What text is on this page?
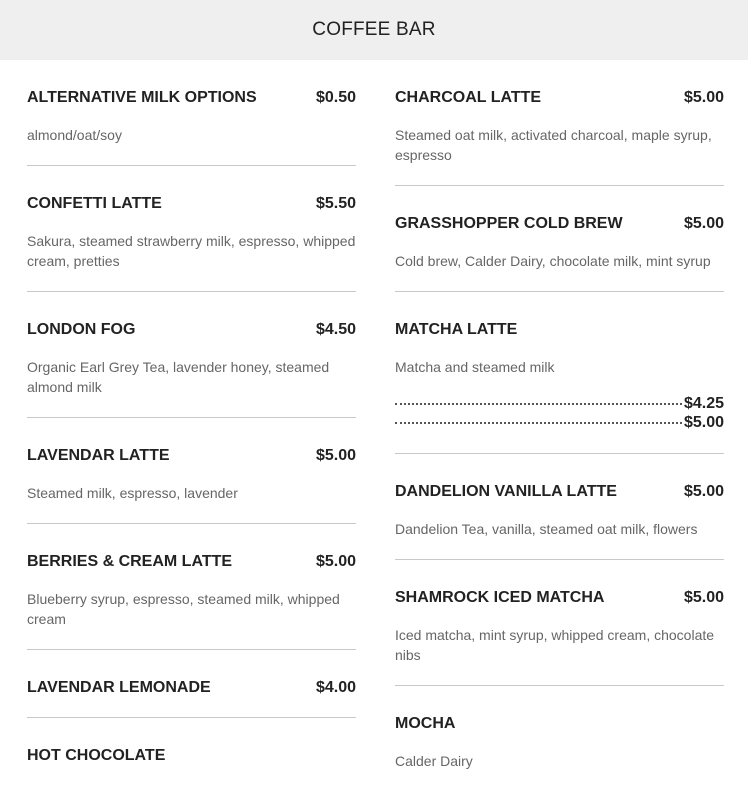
COFFEE BAR
ALTERNATIVE MILK OPTIONS	$0.50
almond/oat/soy
CONFETTI LATTE	$5.50
Sakura, steamed strawberry milk, espresso, whipped cream, pretties
LONDON FOG	$4.50
Organic Earl Grey Tea, lavender honey, steamed almond milk
LAVENDAR LATTE	$5.00
Steamed milk, espresso, lavender
BERRIES & CREAM LATTE	$5.00
Blueberry syrup, espresso, steamed milk, whipped cream
LAVENDAR LEMONADE	$4.00
HOT CHOCOLATE
CHARCOAL LATTE	$5.00
Steamed oat milk, activated charcoal, maple syrup, espresso
GRASSHOPPER COLD BREW	$5.00
Cold brew, Calder Dairy, chocolate milk, mint syrup
MATCHA LATTE
Matcha and steamed milk
$4.25
$5.00
DANDELION VANILLA LATTE	$5.00
Dandelion Tea, vanilla, steamed oat milk, flowers
SHAMROCK ICED MATCHA	$5.00
Iced matcha, mint syrup, whipped cream, chocolate nibs
MOCHA
Calder Dairy
